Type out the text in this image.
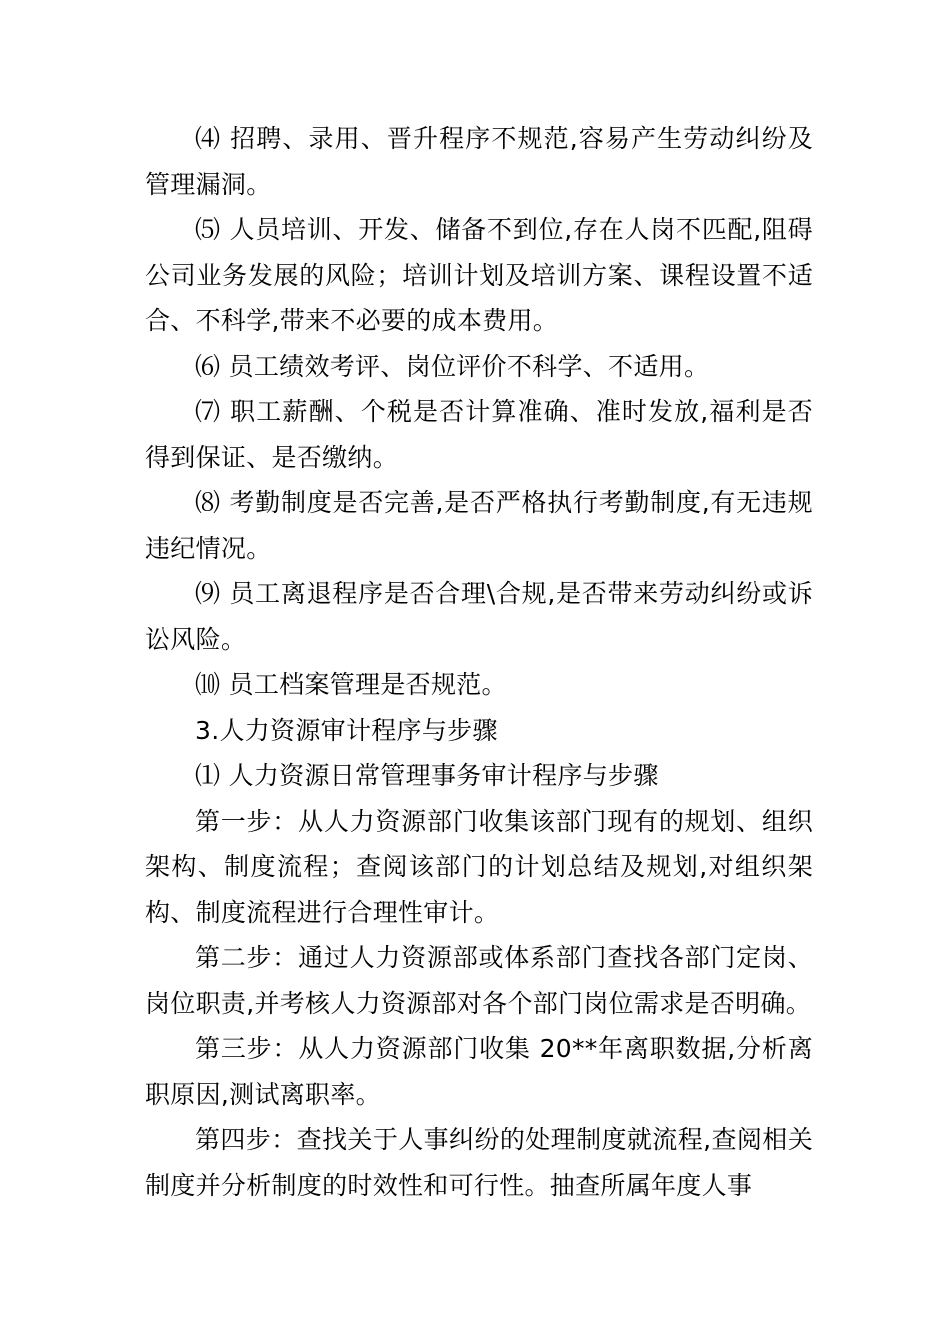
⑷ 招聘、录用、晋升程序不规范,容易产生劳动纠纷及管理漏洞。

⑸ 人员培训、开发、储备不到位,存在人岗不匹配,阻碍公司业务发展的风险；培训计划及培训方案、课程设置不适合、不科学,带来不必要的成本费用。

⑹ 员工绩效考评、岗位评价不科学、不适用。

⑺ 职工薪酬、个税是否计算准确、准时发放,福利是否得到保证、是否缴纳。

⑻ 考勤制度是否完善,是否严格执行考勤制度,有无违规违纪情况。

⑼ 员工离退程序是否合理\合规,是否带来劳动纠纷或诉讼风险。

⑽ 员工档案管理是否规范。

3.人力资源审计程序与步骤

⑴ 人力资源日常管理事务审计程序与步骤

第一步：从人力资源部门收集该部门现有的规划、组织架构、制度流程；查阅该部门的计划总结及规划,对组织架构、制度流程进行合理性审计。

第二步：通过人力资源部或体系部门查找各部门定岗、岗位职责,并考核人力资源部对各个部门岗位需求是否明确。

第三步：从人力资源部门收集 20**年离职数据,分析离职原因,测试离职率。

第四步：查找关于人事纠纷的处理制度就流程,查阅相关制度并分析制度的时效性和可行性。抽查所属年度人事
